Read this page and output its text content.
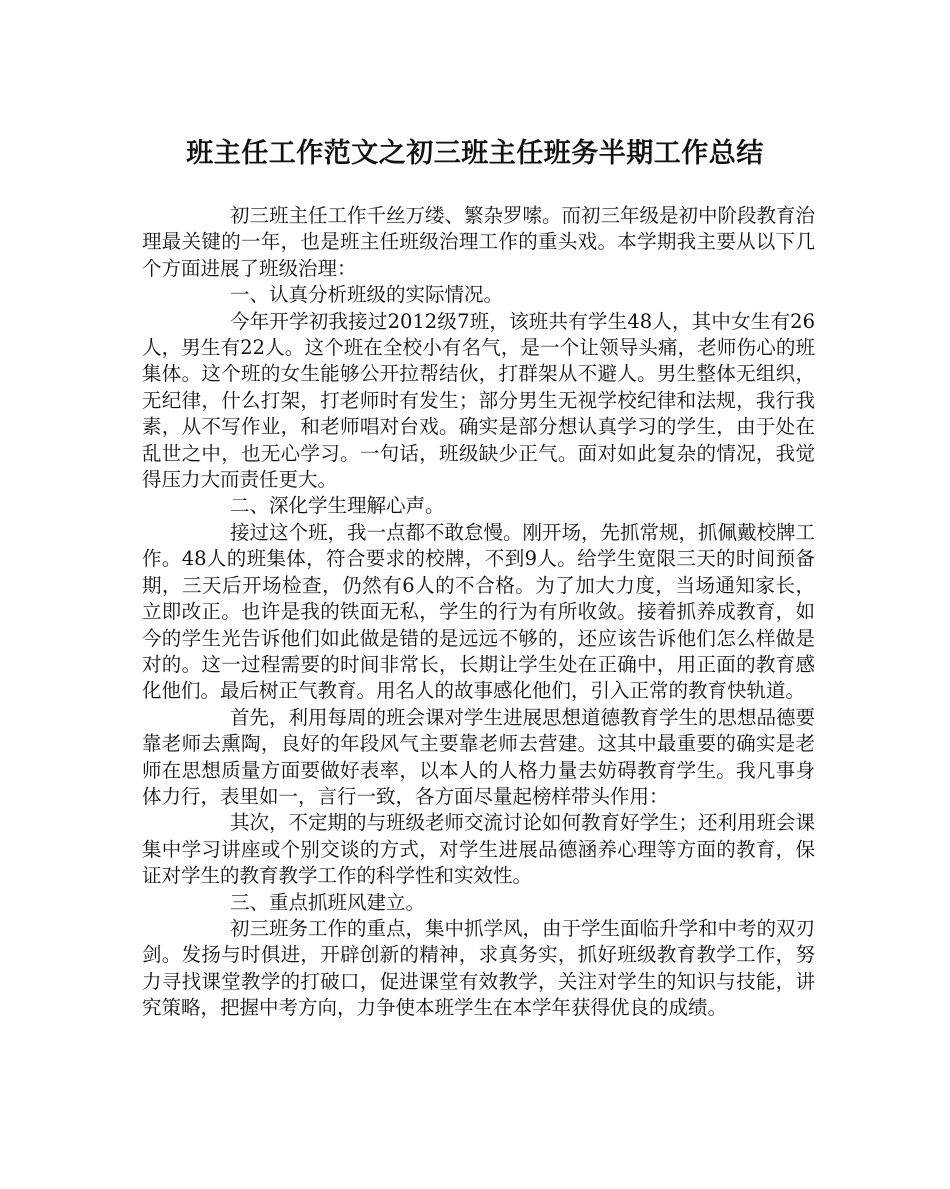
班主任工作范文之初三班主任班务半期工作总结

初三班主任工作千丝万缕、繁杂罗嗦。而初三年级是初中阶段教育治理最关键的一年，也是班主任班级治理工作的重头戏。本学期我主要从以下几个方面进展了班级治理：

一、认真分析班级的实际情况。

今年开学初我接过2012级7班，该班共有学生48人，其中女生有26人，男生有22人。这个班在全校小有名气，是一个让领导头痛，老师伤心的班集体。这个班的女生能够公开拉帮结伙，打群架从不避人。男生整体无组织，无纪律，什么打架，打老师时有发生；部分男生无视学校纪律和法规，我行我素，从不写作业，和老师唱对台戏。确实是部分想认真学习的学生，由于处在乱世之中，也无心学习。一句话，班级缺少正气。面对如此复杂的情况，我觉得压力大而责任更大。

二、深化学生理解心声。

接过这个班，我一点都不敢怠慢。刚开场，先抓常规，抓佩戴校牌工作。48人的班集体，符合要求的校牌，不到9人。给学生宽限三天的时间预备期，三天后开场检查，仍然有6人的不合格。为了加大力度，当场通知家长，立即改正。也许是我的铁面无私，学生的行为有所收敛。接着抓养成教育，如今的学生光告诉他们如此做是错的是远远不够的，还应该告诉他们怎么样做是对的。这一过程需要的时间非常长，长期让学生处在正确中，用正面的教育感化他们。最后树正气教育。用名人的故事感化他们，引入正常的教育快轨道。

首先，利用每周的班会课对学生进展思想道德教育学生的思想品德要靠老师去熏陶，良好的年段风气主要靠老师去营建。这其中最重要的确实是老师在思想质量方面要做好表率，以本人的人格力量去妨碍教育学生。我凡事身体力行，表里如一，言行一致，各方面尽量起榜样带头作用：

其次，不定期的与班级老师交流讨论如何教育好学生；还利用班会课集中学习讲座或个别交谈的方式，对学生进展品德涵养心理等方面的教育，保证对学生的教育教学工作的科学性和实效性。

三、重点抓班风建立。

初三班务工作的重点，集中抓学风，由于学生面临升学和中考的双刃剑。发扬与时俱进，开辟创新的精神，求真务实，抓好班级教育教学工作，努力寻找课堂教学的打破口，促进课堂有效教学，关注对学生的知识与技能，讲究策略，把握中考方向，力争使本班学生在本学年获得优良的成绩。
